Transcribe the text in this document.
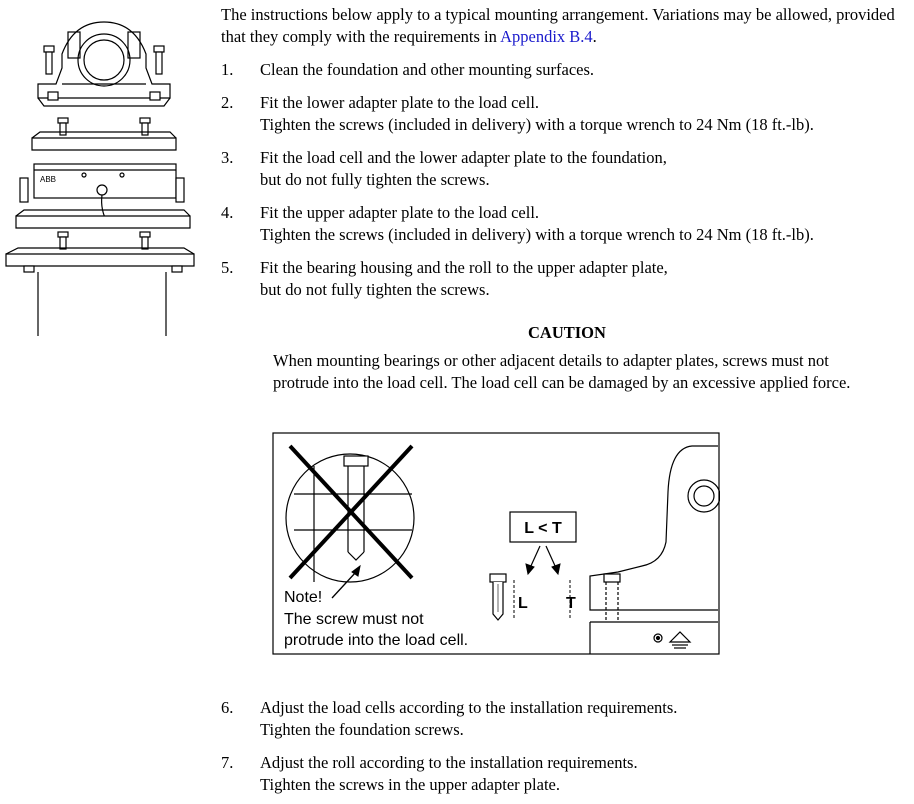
The instructions below apply to a typical mounting arrangement. Variations may be allowed, provided that they comply with the requirements in Appendix B.4.
1.	Clean the foundation and other mounting surfaces.
2.	Fit the lower adapter plate to the load cell.
Tighten the screws (included in delivery) with a torque wrench to 24 Nm (18 ft.-lb).
3.	Fit the load cell and the lower adapter plate to the foundation,
but do not fully tighten the screws.
4.	Fit the upper adapter plate to the load cell.
Tighten the screws (included in delivery) with a torque wrench to 24 Nm (18 ft.-lb).
5.	Fit the bearing housing and the roll to the upper adapter plate,
but do not fully tighten the screws.
CAUTION
When mounting bearings or other adjacent details to adapter plates, screws must not protrude into the load cell. The load cell can be damaged by an excessive applied force.
6.	Adjust the load cells according to the installation requirements.
Tighten the foundation screws.
7.	Adjust the roll according to the installation requirements.
Tighten the screws in the upper adapter plate.
ABB
Note!
The screw must not
protrude into the load cell.
L < T
L T
